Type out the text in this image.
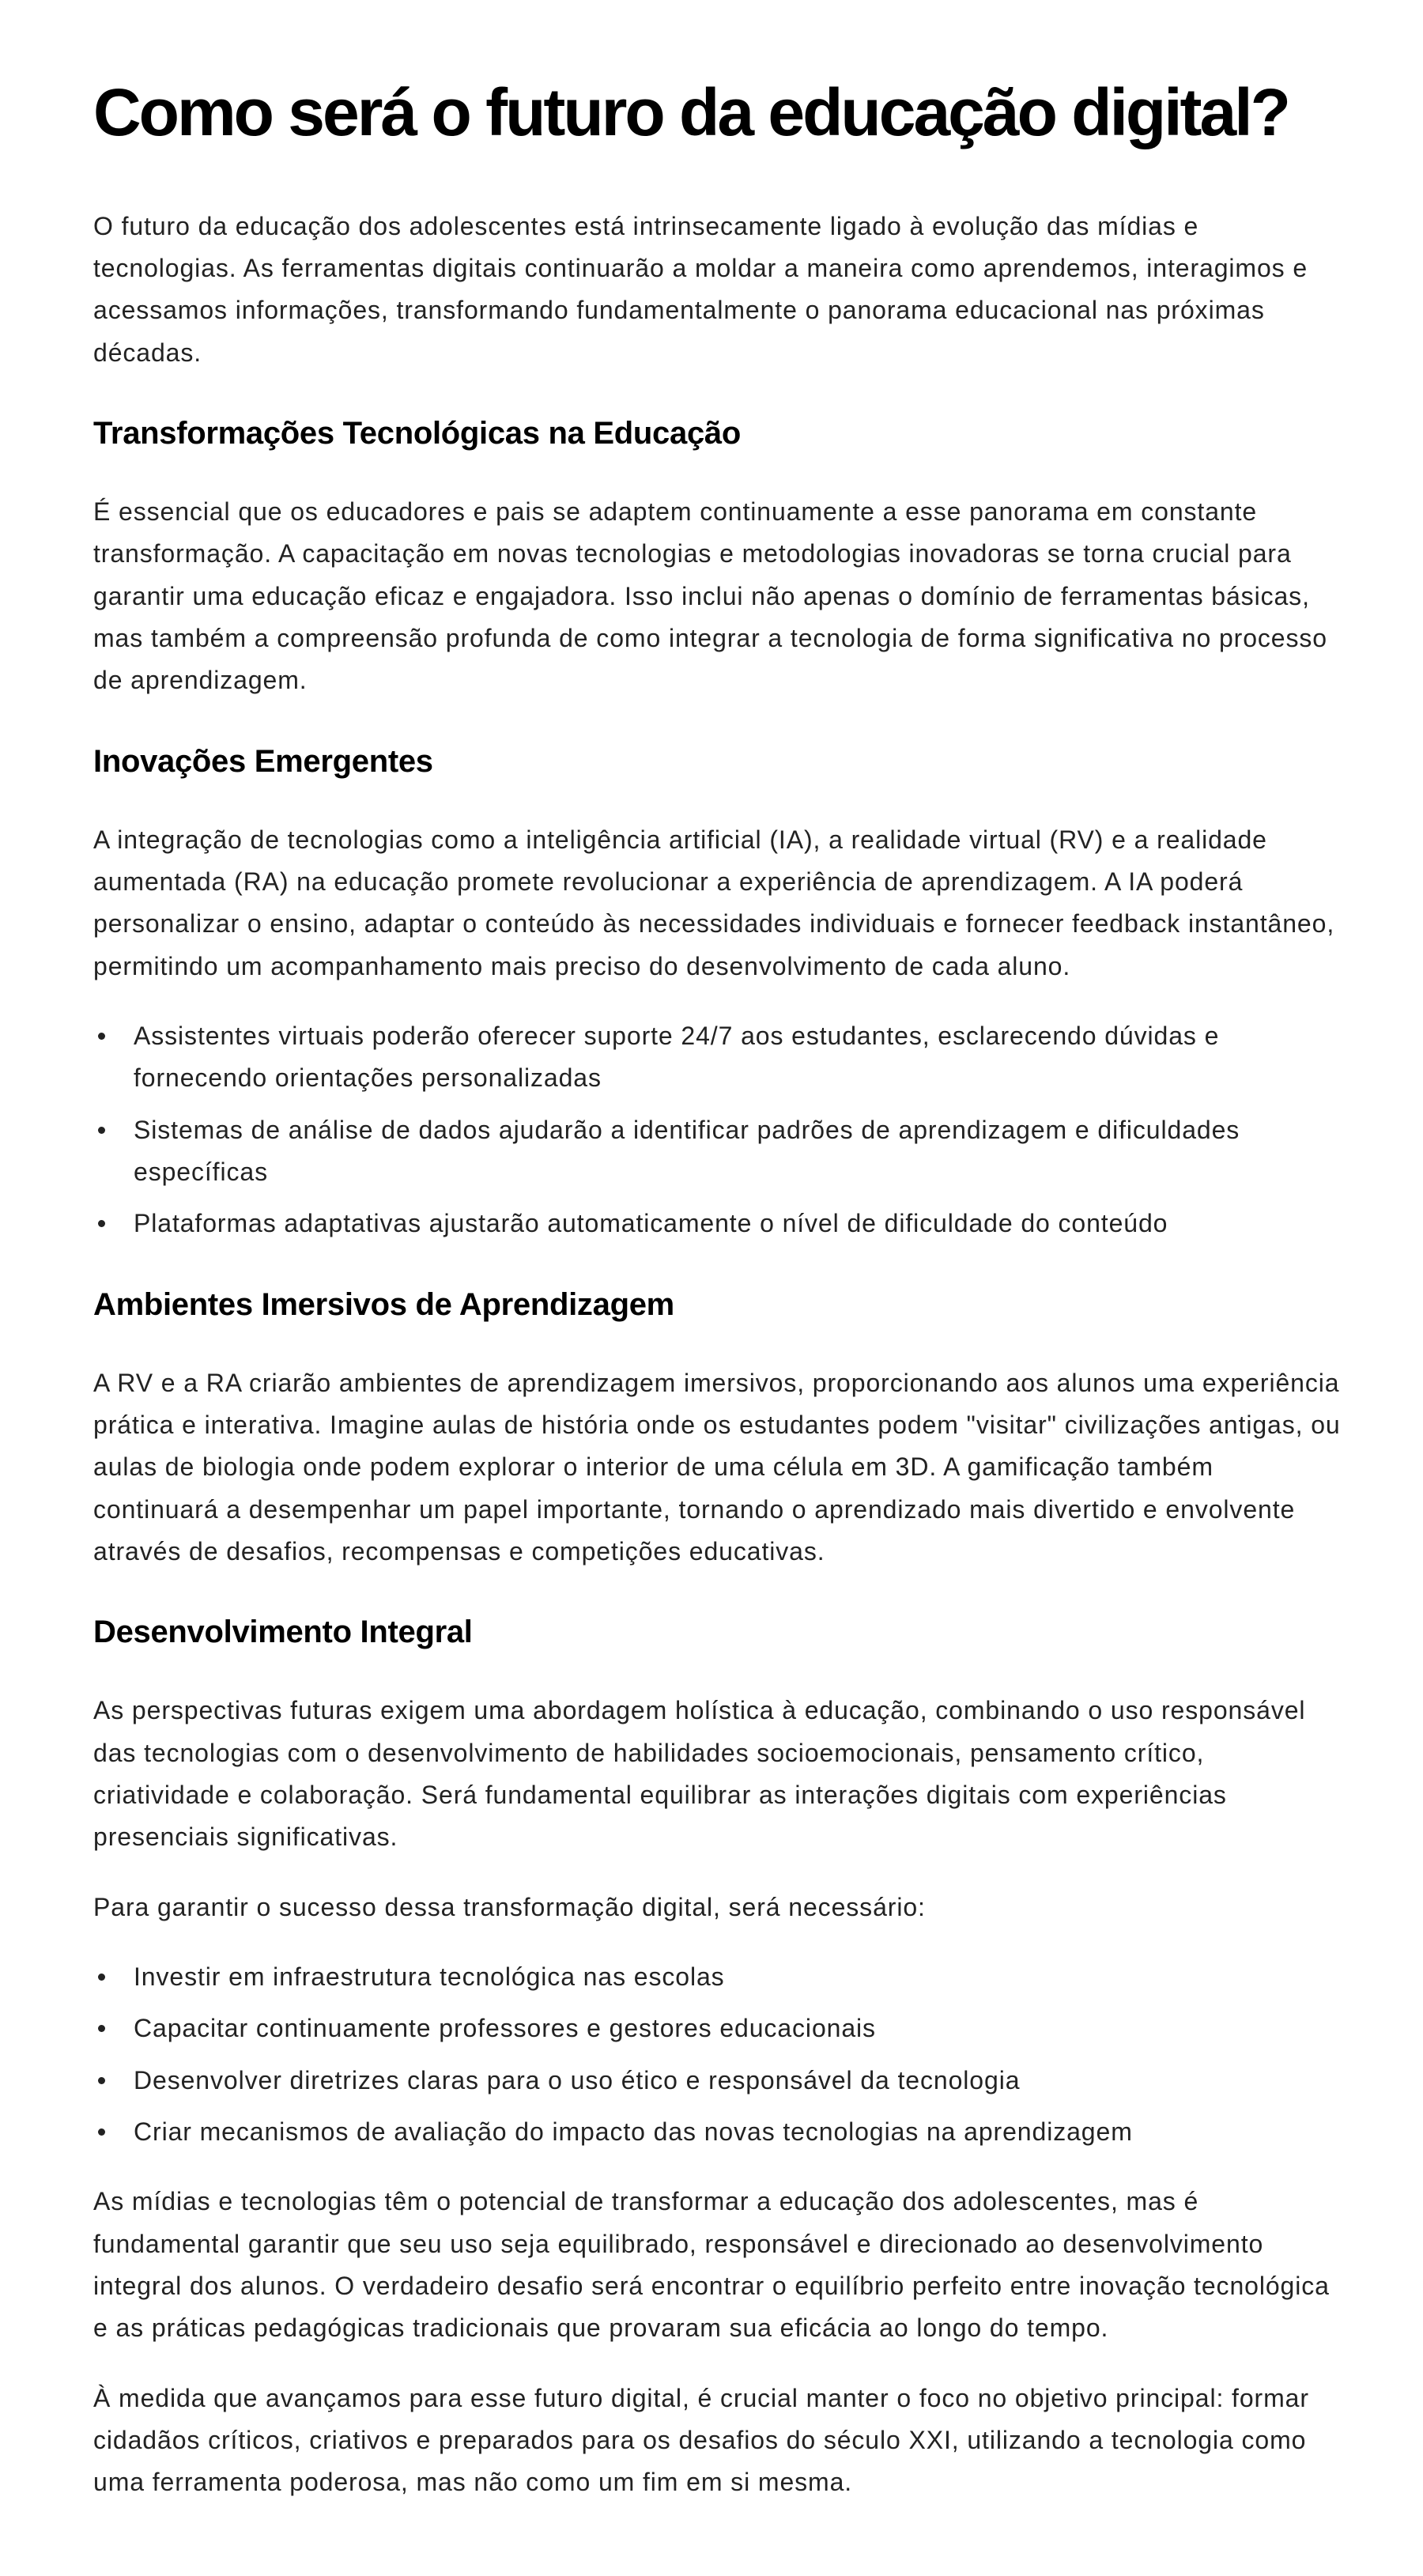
Como será o futuro da educação digital?

O futuro da educação dos adolescentes está intrinsecamente ligado à evolução das mídias e
tecnologias. As ferramentas digitais continuarão a moldar a maneira como aprendemos, interagimos e
acessamos informações, transformando fundamentalmente o panorama educacional nas próximas
décadas.

Transformações Tecnológicas na Educação

É essencial que os educadores e pais se adaptem continuamente a esse panorama em constante
transformação. A capacitação em novas tecnologias e metodologias inovadoras se torna crucial para
garantir uma educação eficaz e engajadora. Isso inclui não apenas o domínio de ferramentas básicas,
mas também a compreensão profunda de como integrar a tecnologia de forma significativa no processo
de aprendizagem.

Inovações Emergentes

A integração de tecnologias como a inteligência artificial (IA), a realidade virtual (RV) e a realidade
aumentada (RA) na educação promete revolucionar a experiência de aprendizagem. A IA poderá
personalizar o ensino, adaptar o conteúdo às necessidades individuais e fornecer feedback instantâneo,
permitindo um acompanhamento mais preciso do desenvolvimento de cada aluno.

Assistentes virtuais poderão oferecer suporte 24/7 aos estudantes, esclarecendo dúvidas e
fornecendo orientações personalizadas
Sistemas de análise de dados ajudarão a identificar padrões de aprendizagem e dificuldades
específicas
Plataformas adaptativas ajustarão automaticamente o nível de dificuldade do conteúdo
Ambientes Imersivos de Aprendizagem

A RV e a RA criarão ambientes de aprendizagem imersivos, proporcionando aos alunos uma experiência
prática e interativa. Imagine aulas de história onde os estudantes podem "visitar" civilizações antigas, ou
aulas de biologia onde podem explorar o interior de uma célula em 3D. A gamificação também
continuará a desempenhar um papel importante, tornando o aprendizado mais divertido e envolvente
através de desafios, recompensas e competições educativas.

Desenvolvimento Integral

As perspectivas futuras exigem uma abordagem holística à educação, combinando o uso responsável
das tecnologias com o desenvolvimento de habilidades socioemocionais, pensamento crítico,
criatividade e colaboração. Será fundamental equilibrar as interações digitais com experiências
presenciais significativas.

Para garantir o sucesso dessa transformação digital, será necessário:

Investir em infraestrutura tecnológica nas escolas
Capacitar continuamente professores e gestores educacionais
Desenvolver diretrizes claras para o uso ético e responsável da tecnologia
Criar mecanismos de avaliação do impacto das novas tecnologias na aprendizagem

As mídias e tecnologias têm o potencial de transformar a educação dos adolescentes, mas é
fundamental garantir que seu uso seja equilibrado, responsável e direcionado ao desenvolvimento
integral dos alunos. O verdadeiro desafio será encontrar o equilíbrio perfeito entre inovação tecnológica
e as práticas pedagógicas tradicionais que provaram sua eficácia ao longo do tempo.

À medida que avançamos para esse futuro digital, é crucial manter o foco no objetivo principal: formar
cidadãos críticos, criativos e preparados para os desafios do século XXI, utilizando a tecnologia como
uma ferramenta poderosa, mas não como um fim em si mesma.
